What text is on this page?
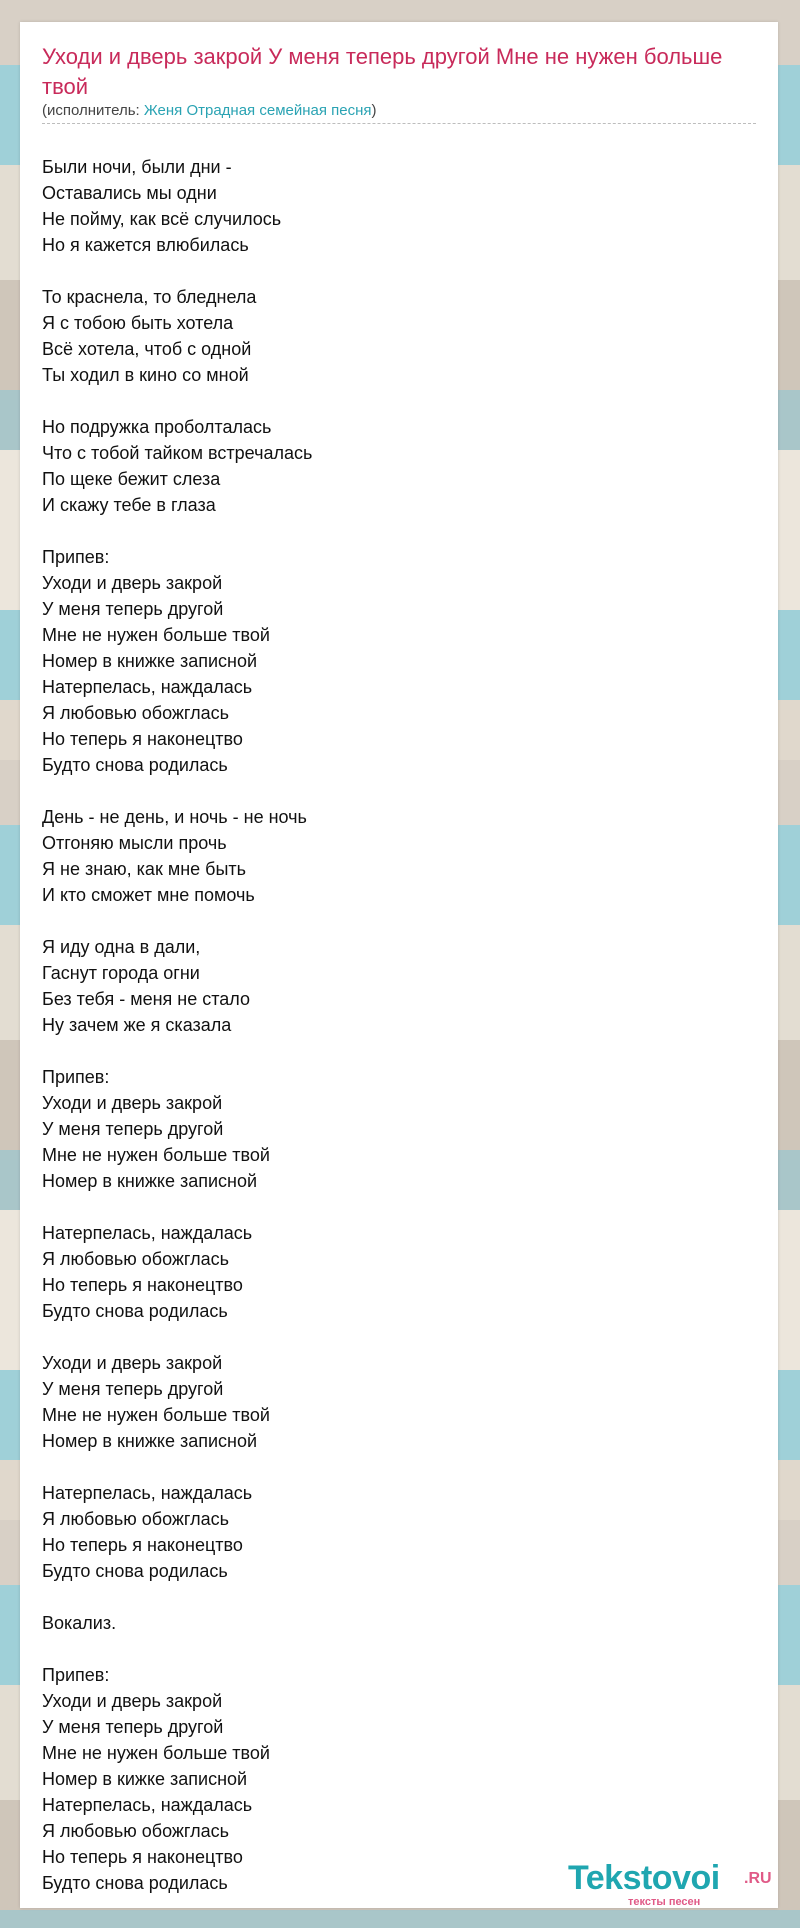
Уходи и дверь закрой У меня теперь другой Мне не нужен больше твой
(исполнитель: Женя Отрадная семейная песня)
Были ночи, были дни -
Оставались мы одни
Не пойму, как всё случилось
Но я кажется влюбилась
То краснела, то бледнела
Я с тобою быть хотела
Всё хотела, чтоб с одной
Ты ходил в кино со мной
Но подружка проболталась
Что с тобой тайком встречалась
По щеке бежит слеза
И скажу тебе в глаза
Припев:
Уходи и дверь закрой
У меня теперь другой
Мне не нужен больше твой
Номер в книжке записной
Натерпелась, наждалась
Я любовью обожглась
Но теперь я наконецтво
Будто снова родилась
День - не день, и ночь - не ночь
Отгоняю мысли прочь
Я не знаю, как мне быть
И кто сможет мне помочь
Я иду одна в дали,
Гаснут города огни
Без тебя - меня не стало
Ну зачем же я сказала
Припев:
Уходи и дверь закрой
У меня теперь другой
Мне не нужен больше твой
Номер в книжке записной
Натерпелась, наждалась
Я любовью обожглась
Но теперь я наконецтво
Будто снова родилась
Уходи и дверь закрой
У меня теперь другой
Мне не нужен больше твой
Номер в книжке записной
Натерпелась, наждалась
Я любовью обожглась
Но теперь я наконецтво
Будто снова родилась
Вокализ.
Припев:
Уходи и дверь закрой
У меня теперь другой
Мне не нужен больше твой
Номер в кижке записной
Натерпелась, наждалась
Я любовью обожглась
Но теперь я наконецтво
Будто снова родилась	Tekstovoi .RU
тексты песен
